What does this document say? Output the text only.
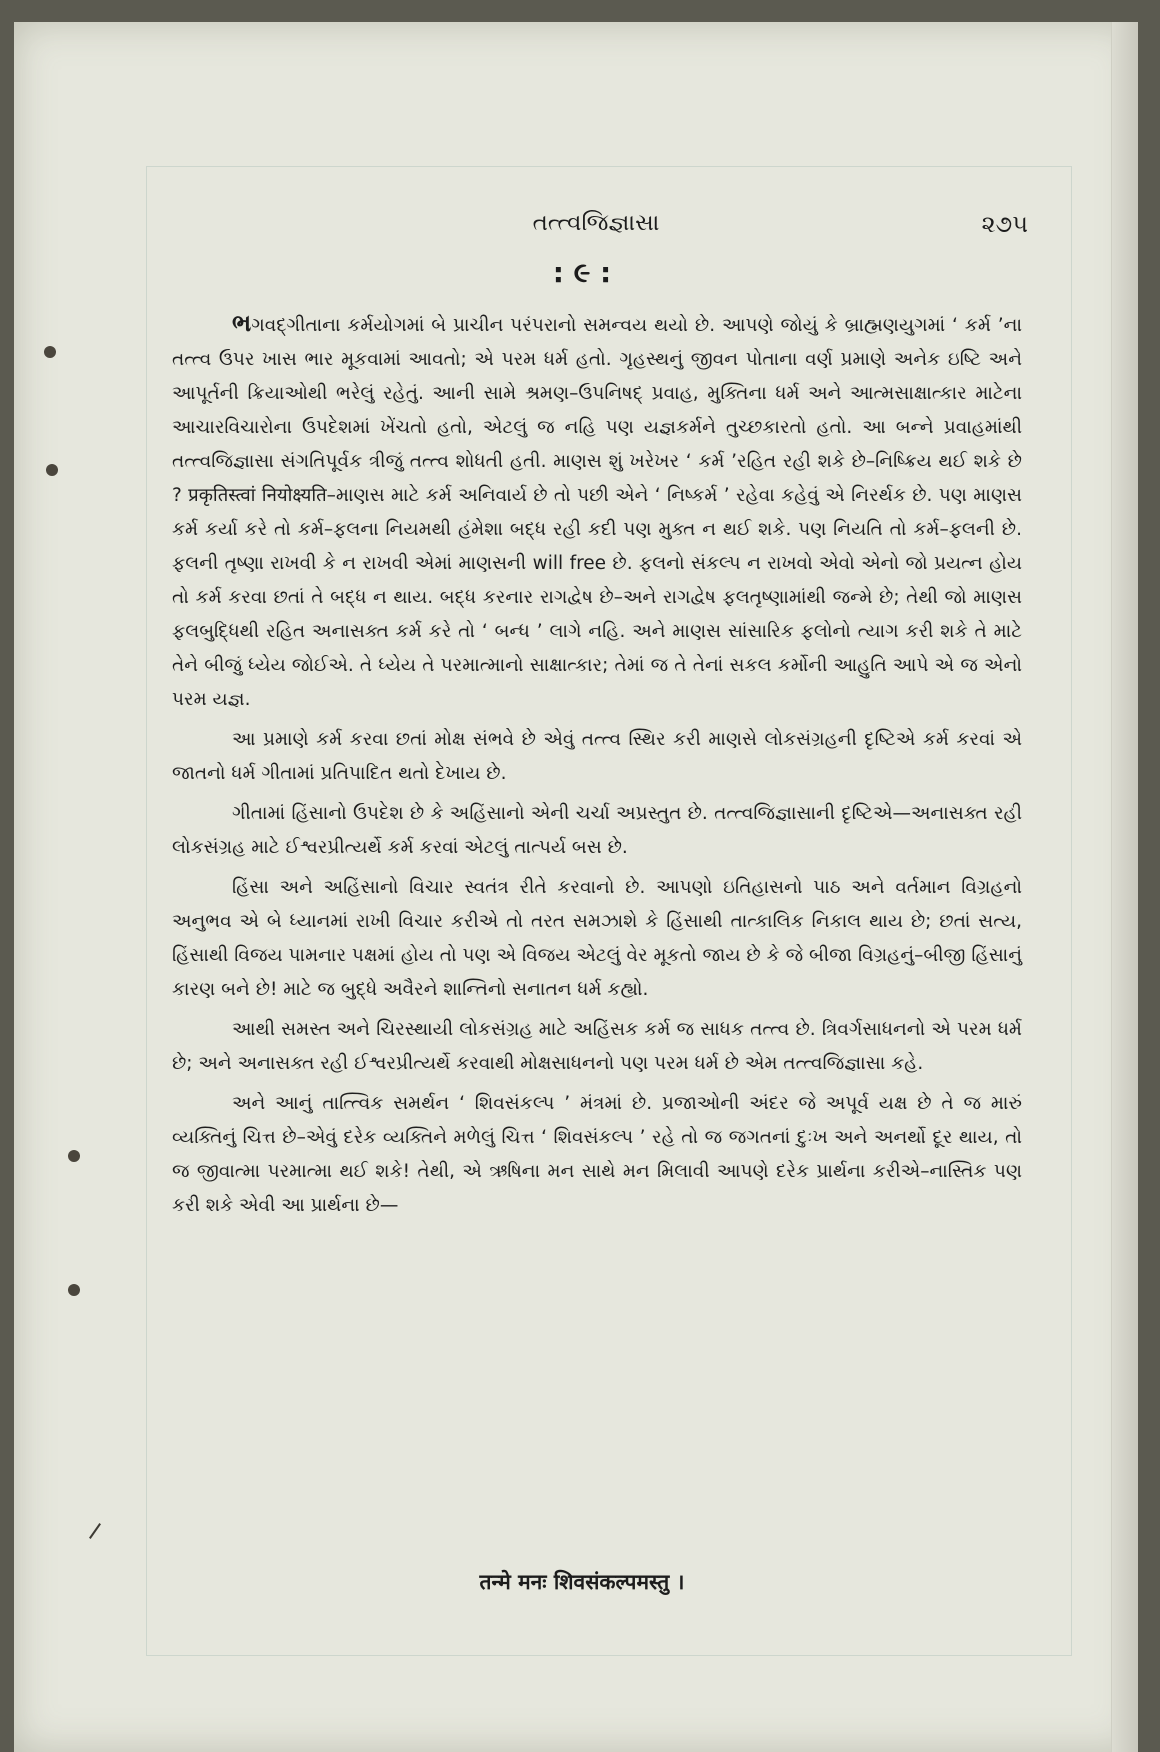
તત્ત્વજિજ્ઞાસા	૨૭૫
: ૯ :

ભગવદ્ગીતાના કર્મયોગમાં બે પ્રાચીન પરંપરાનો સમન્વય થયો છે. આપણે જોયું કે બ્રાહ્મણયુગમાં ‘ કર્મ ’ના તત્ત્વ ઉપર ખાસ ભાર મૂકવામાં આવતો; એ પરમ ધર્મ હતો. ગૃહસ્થનું જીવન પોતાના વર્ણ પ્રમાણે અનેક ઇષ્ટિ અને આપૂર્તની ક્રિયાઓથી ભરેલું રહેતું. આની સામે શ્રમણ–ઉપનિષદ્ પ્રવાહ, મુક્તિના ધર્મ અને આત્મસાક્ષાત્કાર માટેના આચારવિચારોના ઉપદેશમાં ખેંચતો હતો, એટલું જ નહિ પણ યજ્ઞકર્મને તુચ્છકારતો હતો. આ બન્ને પ્રવાહમાંથી તત્ત્વજિજ્ઞાસા સંગતિપૂર્વક ત્રીજું તત્ત્વ શોધતી હતી. માણસ શું ખરેખર ‘ કર્મ ’રહિત રહી શકે છે–નિષ્ક્રિય થઈ શકે છે ? प्रकृतिस्त्वां नियोक्ष्यति–માણસ માટે કર્મ અનિવાર્ય છે તો પછી એને ‘ નિષ્કર્મ ’ રહેવા કહેવું એ નિરર્થક છે. પણ માણસ કર્મ કર્યા કરે તો કર્મ–ફલના નિયમથી હંમેશા બદ્ધ રહી કદી પણ મુક્ત ન થઈ શકે. પણ નિયતિ તો કર્મ–ફલની છે. ફલની તૃષ્ણા રાખવી કે ન રાખવી એમાં માણસની will free છે. ફલનો સંકલ્પ ન રાખવો એવો એનો જો પ્રયત્ન હોય તો કર્મ કરવા છતાં તે બદ્ધ ન થાય. બદ્ધ કરનાર રાગદ્વેષ છે–અને રાગદ્વેષ ફલતૃષ્ણામાંથી જન્મે છે; તેથી જો માણસ ફલબુદ્ધિથી રહિત અનાસક્ત કર્મ કરે તો ‘ બન્ધ ’ લાગે નહિ. અને માણસ સાંસારિક ફલોનો ત્યાગ કરી શકે તે માટે તેને બીજું ધ્યેય જોઈએ. તે ધ્યેય તે પરમાત્માનો સાક્ષાત્કાર; તેમાં જ તે તેનાં સકલ કર્મોની આહુતિ આપે એ જ એનો પરમ યજ્ઞ.

આ પ્રમાણે કર્મ કરવા છતાં મોક્ષ સંભવે છે એવું તત્ત્વ સ્થિર કરી માણસે લોકસંગ્રહની દૃષ્ટિએ કર્મ કરવાં એ જાતનો ધર્મ ગીતામાં પ્રતિપાદિત થતો દેખાય છે.

ગીતામાં હિંસાનો ઉપદેશ છે કે અહિંસાનો એની ચર્ચા અપ્રસ્તુત છે. તત્ત્વજિજ્ઞાસાની દૃષ્ટિએ—અનાસક્ત રહી લોકસંગ્રહ માટે ઈશ્વરપ્રીત્યર્થે કર્મ કરવાં એટલું તાત્પર્ય બસ છે.

હિંસા અને અહિંસાનો વિચાર સ્વતંત્ર રીતે કરવાનો છે. આપણો ઇતિહાસનો પાઠ અને વર્તમાન વિગ્રહનો અનુભવ એ બે ધ્યાનમાં રાખી વિચાર કરીએ તો તરત સમઝાશે કે હિંસાથી તાત્કાલિક નિકાલ થાય છે; છતાં સત્ય, હિંસાથી વિજય પામનાર પક્ષમાં હોય તો પણ એ વિજય એટલું વેર મૂકતો જાય છે કે જે બીજા વિગ્રહનું–બીજી હિંસાનું કારણ બને છે! માટે જ બુદ્ધે અવૈરને શાન્તિનો સનાતન ધર્મ કહ્યો.

આથી સમસ્ત અને ચિરસ્થાયી લોકસંગ્રહ માટે અહિંસક કર્મ જ સાધક તત્ત્વ છે. ત્રિવર્ગસાધનનો એ પરમ ધર્મ છે; અને અનાસક્ત રહી ઈશ્વરપ્રીત્યર્થે કરવાથી મોક્ષસાધનનો પણ પરમ ધર્મ છે એમ તત્ત્વજિજ્ઞાસા કહે.

અને આનું તાત્ત્વિક સમર્થન ‘ શિવસંકલ્પ ’ મંત્રમાં છે. પ્રજાઓની અંદર જે અપૂર્વ યક્ષ છે તે જ મારું વ્યક્તિનું ચિત્ત છે–એવું દરેક વ્યક્તિને મળેલું ચિત્ત ‘ શિવસંકલ્પ ’ રહે તો જ જગતનાં દુઃખ અને અનર્થો દૂર થાય, તો જ જીવાત્મા પરમાત્મા થઈ શકે! તેથી, એ ઋષિના મન સાથે મન મિલાવી આપણે દરેક પ્રાર્થના કરીએ–નાસ્તિક પણ કરી શકે એવી આ પ્રાર્થના છે—

तन्मे मनः शिवसंकल्पमस्तु ।
